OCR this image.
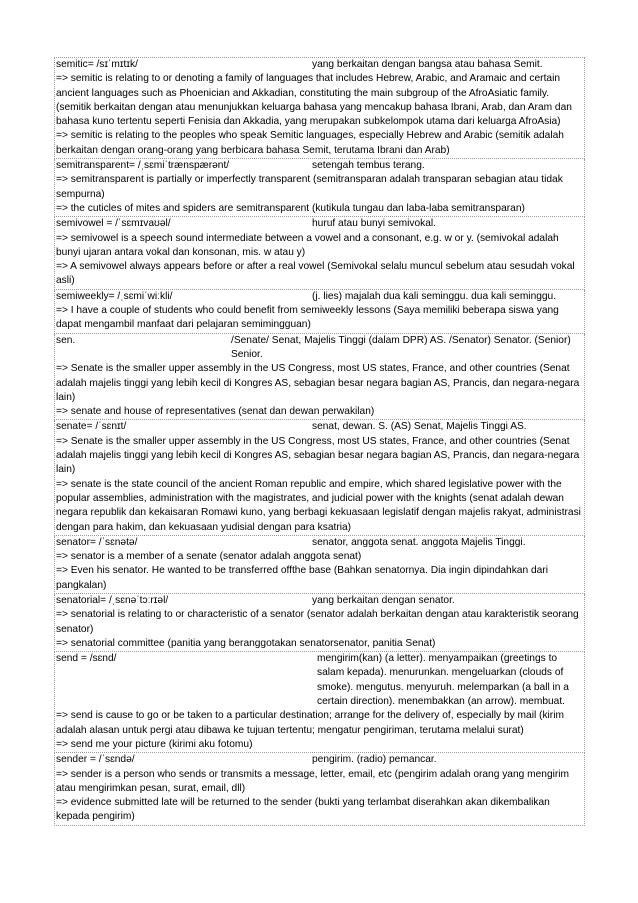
semitic= /sɪˈmɪtɪk/	yang berkaitan dengan bangsa atau bahasa Semit.
=> semitic is relating to or denoting a family of languages that includes Hebrew, Arabic, and Aramaic and certain ancient languages such as Phoenician and Akkadian, constituting the main subgroup of the AfroAsiatic family. (semitik berkaitan dengan atau menunjukkan keluarga bahasa yang mencakup bahasa Ibrani, Arab, dan Aram dan bahasa kuno tertentu seperti Fenisia dan Akkadia, yang merupakan subkelompok utama dari keluarga AfroAsia)
=> semitic is relating to the peoples who speak Semitic languages, especially Hebrew and Arabic (semitik adalah berkaitan dengan orang-orang yang berbicara bahasa Semit, terutama Ibrani dan Arab)
semitransparent= /ˌsɛmiˈtrænspærənt/	setengah tembus terang.
=> semitransparent is partially or imperfectly transparent (semitransparan adalah transparan sebagian atau tidak sempurna)
=> the cuticles of mites and spiders are semitransparent (kutikula tungau dan laba-laba semitransparan)
semivowel = /ˈsɛmɪvaʊəl/	huruf atau bunyi semivokal.
=> semivowel is a speech sound intermediate between a vowel and a consonant, e.g. w or y. (semivokal adalah bunyi ujaran antara vokal dan konsonan, mis. w atau y)
=> A semivowel always appears before or after a real vowel (Semivokal selalu muncul sebelum atau sesudah vokal asli)
semiweekly= /ˌsɛmiˈwiːkli/	(j. lies) majalah dua kali seminggu. dua kali seminggu.
=> I have a couple of students who could benefit from semiweekly lessons (Saya memiliki beberapa siswa yang dapat mengambil manfaat dari pelajaran semimingguan)
sen.	/Senate/ Senat, Majelis Tinggi (dalam DPR) AS. /Senator) Senator. (Senior) Senior.
=> Senate is the smaller upper assembly in the US Congress, most US states, France, and other countries (Senat adalah majelis tinggi yang lebih kecil di Kongres AS, sebagian besar negara bagian AS, Prancis, dan negara-negara lain)
=> senate and house of representatives (senat dan dewan perwakilan)
senate= /ˈsɛnɪt/	senat, dewan. S. (AS) Senat, Majelis Tinggi AS.
=> Senate is the smaller upper assembly in the US Congress, most US states, France, and other countries (Senat adalah majelis tinggi yang lebih kecil di Kongres AS, sebagian besar negara bagian AS, Prancis, dan negara-negara lain)
=> senate is the state council of the ancient Roman republic and empire, which shared legislative power with the popular assemblies, administration with the magistrates, and judicial power with the knights (senat adalah dewan negara republik dan kekaisaran Romawi kuno, yang berbagi kekuasaan legislatif dengan majelis rakyat, administrasi dengan para hakim, dan kekuasaan yudisial dengan para ksatria)
senator= /ˈsɛnətə/	senator, anggota senat. anggota Majelis Tinggi.
=> senator is a member of a senate (senator adalah anggota senat)
=> Even his senator. He wanted to be transferred offthe base (Bahkan senatornya. Dia ingin dipindahkan dari pangkalan)
senatorial= /ˌsɛnəˈtɔːrɪəl/	yang berkaitan dengan senator.
=> senatorial is relating to or characteristic of a senator (senator adalah berkaitan dengan atau karakteristik seorang senator)
=> senatorial committee (panitia yang beranggotakan senatorsenator, panitia Senat)
send = /sɛnd/	mengirim(kan) (a letter). menyampaikan (greetings to salam kepada). menurunkan. mengeluarkan (clouds of smoke). mengutus. menyuruh. melemparkan (a ball in a certain direction). menembakkan (an arrow). membuat.
=> send is cause to go or be taken to a particular destination; arrange for the delivery of, especially by mail (kirim adalah alasan untuk pergi atau dibawa ke tujuan tertentu; mengatur pengiriman, terutama melalui surat)
=> send me your picture (kirimi aku fotomu)
sender = /ˈsɛndə/	pengirim. (radio) pemancar.
=> sender is a person who sends or transmits a message, letter, email, etc (pengirim adalah orang yang mengirim atau mengirimkan pesan, surat, email, dll)
=> evidence submitted late will be returned to the sender (bukti yang terlambat diserahkan akan dikembalikan kepada pengirim)
